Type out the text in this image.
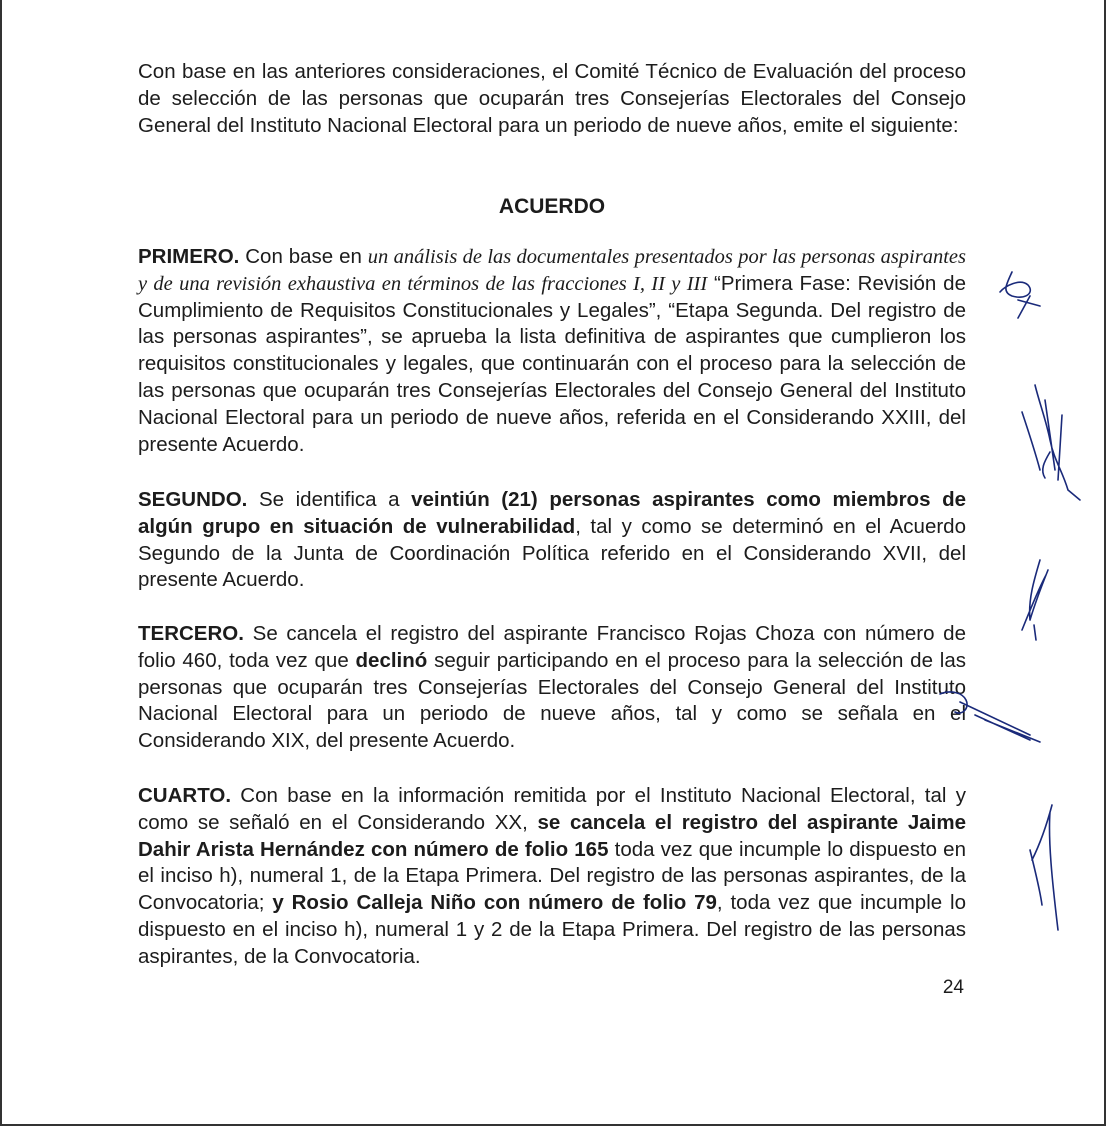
Con base en las anteriores consideraciones, el Comité Técnico de Evaluación del proceso de selección de las personas que ocuparán tres Consejerías Electorales del Consejo General del Instituto Nacional Electoral para un periodo de nueve años, emite el siguiente:

ACUERDO

PRIMERO. Con base en un análisis de las documentales presentados por las personas aspirantes y de una revisión exhaustiva en términos de las fracciones I, II y III “Primera Fase: Revisión de Cumplimiento de Requisitos Constitucionales y Legales”, “Etapa Segunda. Del registro de las personas aspirantes”, se aprueba la lista definitiva de aspirantes que cumplieron los requisitos constitucionales y legales, que continuarán con el proceso para la selección de las personas que ocuparán tres Consejerías Electorales del Consejo General del Instituto Nacional Electoral para un periodo de nueve años, referida en el Considerando XXIII, del presente Acuerdo.

SEGUNDO. Se identifica a veintiún (21) personas aspirantes como miembros de algún grupo en situación de vulnerabilidad, tal y como se determinó en el Acuerdo Segundo de la Junta de Coordinación Política referido en el Considerando XVII, del presente Acuerdo.

TERCERO. Se cancela el registro del aspirante Francisco Rojas Choza con número de folio 460, toda vez que declinó seguir participando en el proceso para la selección de las personas que ocuparán tres Consejerías Electorales del Consejo General del Instituto Nacional Electoral para un periodo de nueve años, tal y como se señala en el Considerando XIX, del presente Acuerdo.

CUARTO. Con base en la información remitida por el Instituto Nacional Electoral, tal y como se señaló en el Considerando XX, se cancela el registro del aspirante Jaime Dahir Arista Hernández con número de folio 165 toda vez que incumple lo dispuesto en el inciso h), numeral 1, de la Etapa Primera. Del registro de las personas aspirantes, de la Convocatoria; y Rosio Calleja Niño con número de folio 79, toda vez que incumple lo dispuesto en el inciso h), numeral 1 y 2 de la Etapa Primera. Del registro de las personas aspirantes, de la Convocatoria.

24
